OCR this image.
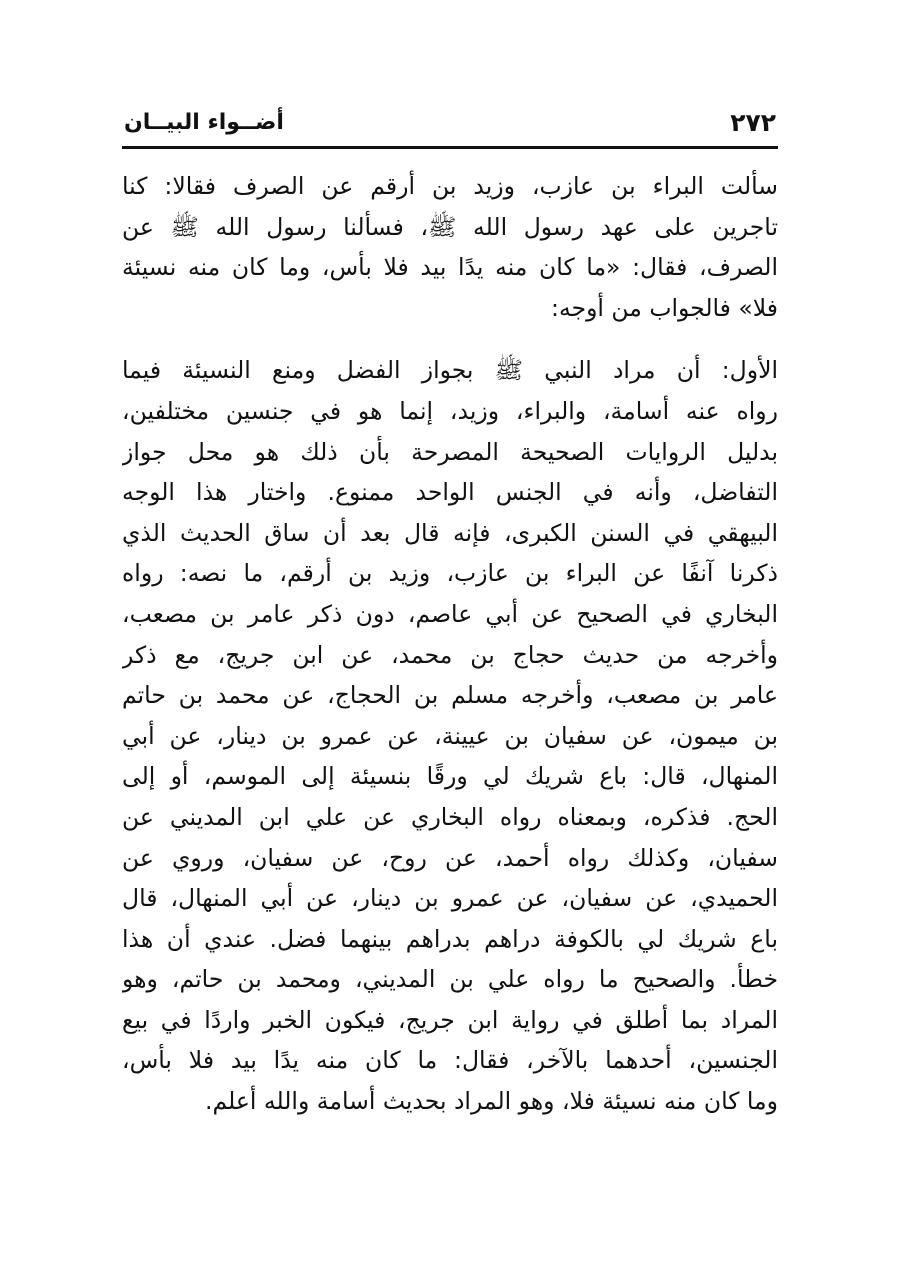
٢٧٢
أضــواء البيــان
سألت البراء بن عازب، وزيد بن أرقم عن الصرف فقالا: كنا
تاجرين على عهد رسول الله ﷺ، فسألنا رسول الله ﷺ عن
الصرف، فقال: «ما كان منه يدًا بيد فلا بأس، وما كان منه نسيئة
فلا» فالجواب من أوجه:
الأول: أن مراد النبي ﷺ بجواز الفضل ومنع النسيئة فيما
رواه عنه أسامة، والبراء، وزيد، إنما هو في جنسين مختلفين،
بدليل الروايات الصحيحة المصرحة بأن ذلك هو محل جواز
التفاضل، وأنه في الجنس الواحد ممنوع. واختار هذا الوجه
البيهقي في السنن الكبرى، فإنه قال بعد أن ساق الحديث الذي
ذكرنا آنفًا عن البراء بن عازب، وزيد بن أرقم، ما نصه: رواه
البخاري في الصحيح عن أبي عاصم، دون ذكر عامر بن مصعب،
وأخرجه من حديث حجاج بن محمد، عن ابن جريج، مع ذكر
عامر بن مصعب، وأخرجه مسلم بن الحجاج، عن محمد بن حاتم
بن ميمون، عن سفيان بن عيينة، عن عمرو بن دينار، عن أبي
المنهال، قال: باع شريك لي ورقًا بنسيئة إلى الموسم، أو إلى
الحج. فذكره، وبمعناه رواه البخاري عن علي ابن المديني عن
سفيان، وكذلك رواه أحمد، عن روح، عن سفيان، وروي عن
الحميدي، عن سفيان، عن عمرو بن دينار، عن أبي المنهال، قال
باع شريك لي بالكوفة دراهم بدراهم بينهما فضل. عندي أن هذا
خطأ. والصحيح ما رواه علي بن المديني، ومحمد بن حاتم، وهو
المراد بما أطلق في رواية ابن جريج، فيكون الخبر واردًا في بيع
الجنسين، أحدهما بالآخر، فقال: ما كان منه يدًا بيد فلا بأس،
وما كان منه نسيئة فلا، وهو المراد بحديث أسامة والله أعلم.
